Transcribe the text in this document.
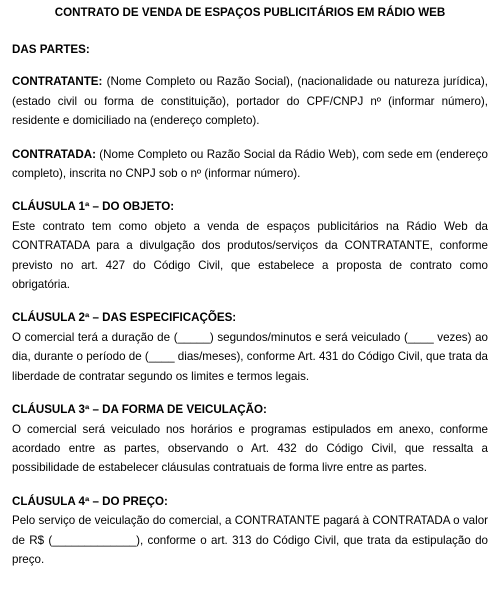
CONTRATO DE VENDA DE ESPAÇOS PUBLICITÁRIOS EM RÁDIO WEB

DAS PARTES:

CONTRATANTE: (Nome Completo ou Razão Social), (nacionalidade ou natureza jurídica), (estado civil ou forma de constituição), portador do CPF/CNPJ nº (informar número), residente e domiciliado na (endereço completo).

CONTRATADA: (Nome Completo ou Razão Social da Rádio Web), com sede em (endereço completo), inscrita no CNPJ sob o nº (informar número).

CLÁUSULA 1ª – DO OBJETO:

Este contrato tem como objeto a venda de espaços publicitários na Rádio Web da CONTRATADA para a divulgação dos produtos/serviços da CONTRATANTE, conforme previsto no art. 427 do Código Civil, que estabelece a proposta de contrato como obrigatória.

CLÁUSULA 2ª – DAS ESPECIFICAÇÕES:

O comercial terá a duração de (_____) segundos/minutos e será veiculado (____ vezes) ao dia, durante o período de (____ dias/meses), conforme Art. 431 do Código Civil, que trata da liberdade de contratar segundo os limites e termos legais.

CLÁUSULA 3ª – DA FORMA DE VEICULAÇÃO:

O comercial será veiculado nos horários e programas estipulados em anexo, conforme acordado entre as partes, observando o Art. 432 do Código Civil, que ressalta a possibilidade de estabelecer cláusulas contratuais de forma livre entre as partes.

CLÁUSULA 4ª – DO PREÇO:

Pelo serviço de veiculação do comercial, a CONTRATANTE pagará à CONTRATADA o valor de R$ (_____________), conforme o art. 313 do Código Civil, que trata da estipulação do preço.
